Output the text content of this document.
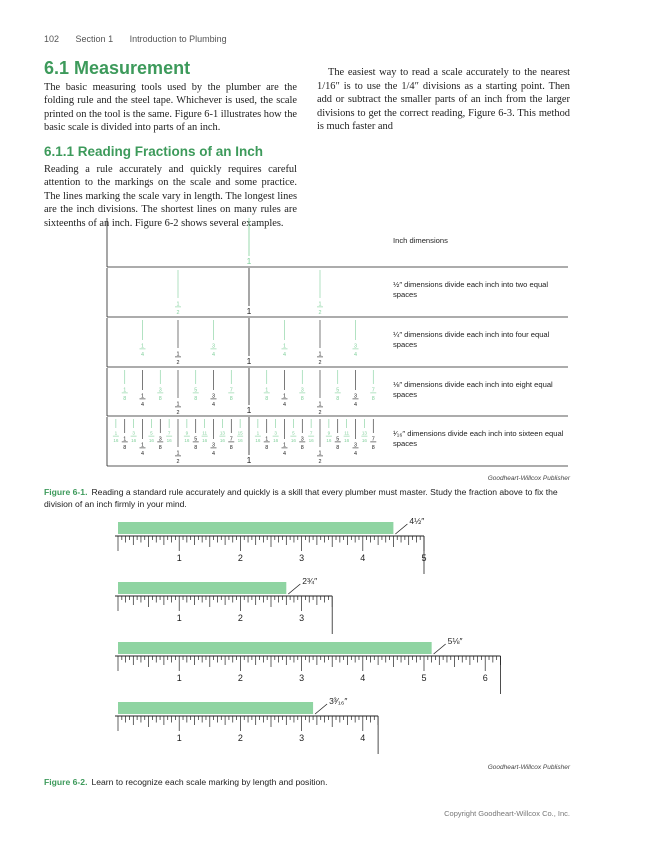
102 Section 1 Introduction to Plumbing
6.1 Measurement

The basic measuring tools used by the plumber are the folding rule and the steel tape. Whichever is used, the scale printed on the tool is the same. Figure 6-1 illustrates how the basic scale is divided into parts of an inch.

6.1.1 Reading Fractions of an Inch

Reading a rule accurately and quickly requires careful attention to the markings on the scale and some practice. The lines marking the scale vary in length. The longest lines are the inch divisions. The shortest lines on many rules are sixteenths of an inch. Figure 6-2 shows several examples.

The easiest way to read a scale accurately to the nearest 1/16″ is to use the 1/4″ divisions as a starting point. Then add or subtract the smaller parts of an inch from the larger divisions to get the correct reading, Figure 6-3. This method is much faster and

Inch dimensions
1
½″ dimensions divide each inch into two equal spaces
1
2	1
1
2
¼″ dimensions divide each inch into four equal spaces
1
4	1
2
3
4
1
1
4	1
2
3
4
⅛″ dimensions divide each inch into eight equal spaces
1
8	1
4
3
8
1
2
5
8	3
4
7
8
1
1
8	1
4
3
8
1
2
5
8	3
4
7
8
¹⁄₁₆″ dimensions divide each inch into sixteen equal spaces
1
16 1
8
3
16
1
4
5
16 3
8
7
16
1
2
9
16 5
8
11
16
3
4
13
16 7
8
15
16
1
1
16 1
8
3
16
1
4
5
16 3
8
7
16
1
2
9
16 5
8
11
16
3
4
13
16 7
8
Goodheart-Willcox Publisher
Figure 6-1. Reading a standard rule accurately and quickly is a skill that every plumber must master. Study the fraction above to fix the division of an inch firmly in your mind.
1	2	3	4	5
4½″
1	2	3
2¾″
1	2	3	4	5	6
5⅛″
1	2	3	4
3³⁄₁₆″
Goodheart-Willcox Publisher
Figure 6-2. Learn to recognize each scale marking by length and position.
Copyright Goodheart-Willcox Co., Inc.
